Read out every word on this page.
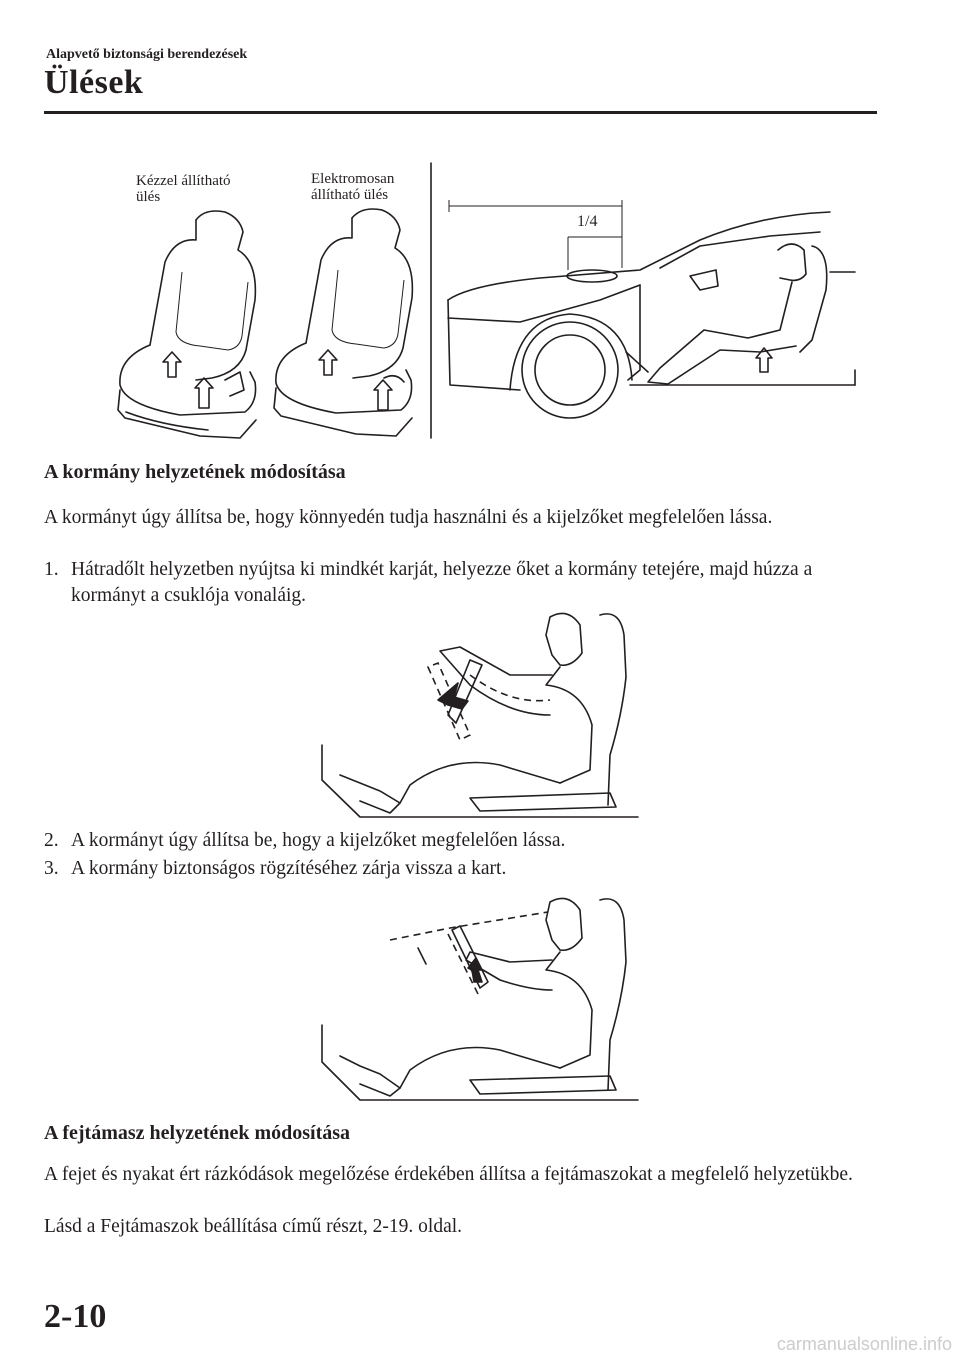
Alapvető biztonsági berendezések
Ülések
Kézzel állítható
ülés
Elektromosan
állítható ülés
1/4
A kormány helyzetének módosítása
A kormányt úgy állítsa be, hogy könnyedén tudja használni és a kijelzőket megfelelően lássa.
1. Hátradőlt helyzetben nyújtsa ki mindkét karját, helyezze őket a kormány tetejére, majd húzza a kormányt a csuklója vonaláig.
2. A kormányt úgy állítsa be, hogy a kijelzőket megfelelően lássa.
3. A kormány biztonságos rögzítéséhez zárja vissza a kart.
A fejtámasz helyzetének módosítása
A fejet és nyakat ért rázkódások megelőzése érdekében állítsa a fejtámaszokat a megfelelő helyzetükbe.
Lásd a Fejtámaszok beállítása című részt, 2-19. oldal.
2-10
carmanualsonline.info
